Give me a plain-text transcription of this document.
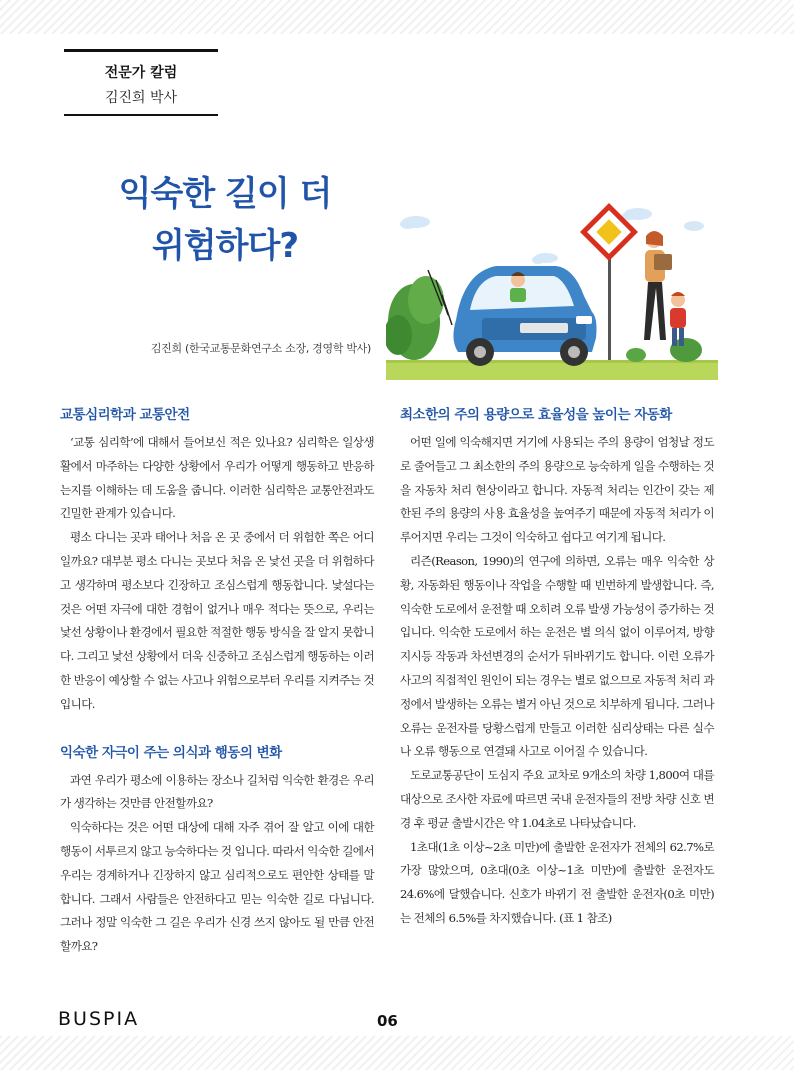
전문가 칼럼
김진희 박사
익숙한 길이 더
위험하다?
김진희 (한국교통문화연구소 소장, 경영학 박사)
교통심리학과 교통안전

‘교통 심리학’에 대해서 들어보신 적은 있나요? 심리학은 일상생활에서 마주하는 다양한 상황에서 우리가 어떻게 행동하고 반응하는지를 이해하는 데 도움을 줍니다. 이러한 심리학은 교통안전과도 긴밀한 관계가 있습니다.

평소 다니는 곳과 태어나 처음 온 곳 중에서 더 위험한 쪽은 어디일까요? 대부분 평소 다니는 곳보다 처음 온 낯선 곳을 더 위험하다고 생각하며 평소보다 긴장하고 조심스럽게 행동합니다. 낯설다는 것은 어떤 자극에 대한 경험이 없거나 매우 적다는 뜻으로, 우리는 낯선 상황이나 환경에서 필요한 적절한 행동 방식을 잘 알지 못합니다. 그리고 낯선 상황에서 더욱 신중하고 조심스럽게 행동하는 이러한 반응이 예상할 수 없는 사고나 위험으로부터 우리를 지켜주는 것입니다.

익숙한 자극이 주는 의식과 행동의 변화

과연 우리가 평소에 이용하는 장소나 길처럼 익숙한 환경은 우리가 생각하는 것만큼 안전할까요?

익숙하다는 것은 어떤 대상에 대해 자주 겪어 잘 알고 이에 대한 행동이 서투르지 않고 능숙하다는 것 입니다. 따라서 익숙한 길에서 우리는 경계하거나 긴장하지 않고 심리적으로도 편안한 상태를 말합니다. 그래서 사람들은 안전하다고 믿는 익숙한 길로 다닙니다. 그러나 정말 익숙한 그 길은 우리가 신경 쓰지 않아도 될 만큼 안전할까요?

최소한의 주의 용량으로 효율성을 높이는 자동화

어떤 일에 익숙해지면 거기에 사용되는 주의 용량이 엄청날 정도로 줄어들고 그 최소한의 주의 용량으로 능숙하게 일을 수행하는 것을 자동차 처리 현상이라고 합니다. 자동적 처리는 인간이 갖는 제한된 주의 용량의 사용 효율성을 높여주기 때문에 자동적 처리가 이루어지면 우리는 그것이 익숙하고 쉽다고 여기게 됩니다.

리즌(Reason, 1990)의 연구에 의하면, 오류는 매우 익숙한 상황, 자동화된 행동이나 작업을 수행할 때 빈번하게 발생합니다. 즉, 익숙한 도로에서 운전할 때 오히려 오류 발생 가능성이 증가하는 것입니다. 익숙한 도로에서 하는 운전은 별 의식 없이 이루어져, 방향지시등 작동과 차선변경의 순서가 뒤바뀌기도 합니다. 이런 오류가 사고의 직접적인 원인이 되는 경우는 별로 없으므로 자동적 처리 과정에서 발생하는 오류는 별거 아닌 것으로 치부하게 됩니다. 그러나 오류는 운전자를 당황스럽게 만들고 이러한 심리상태는 다른 실수나 오류 행동으로 연결돼 사고로 이어질 수 있습니다.

도로교통공단이 도심지 주요 교차로 9개소의 차량 1,800여 대를 대상으로 조사한 자료에 따르면 국내 운전자들의 전방 차량 신호 변경 후 평균 출발시간은 약 1.04초로 나타났습니다.

1초대(1초 이상~2초 미만)에 출발한 운전자가 전체의 62.7%로 가장 많았으며, 0초대(0초 이상~1초 미만)에 출발한 운전자도 24.6%에 달했습니다. 신호가 바뀌기 전 출발한 운전자(0초 미만)는 전체의 6.5%를 차지했습니다. (표 1 참조)

BUSPIA	06
